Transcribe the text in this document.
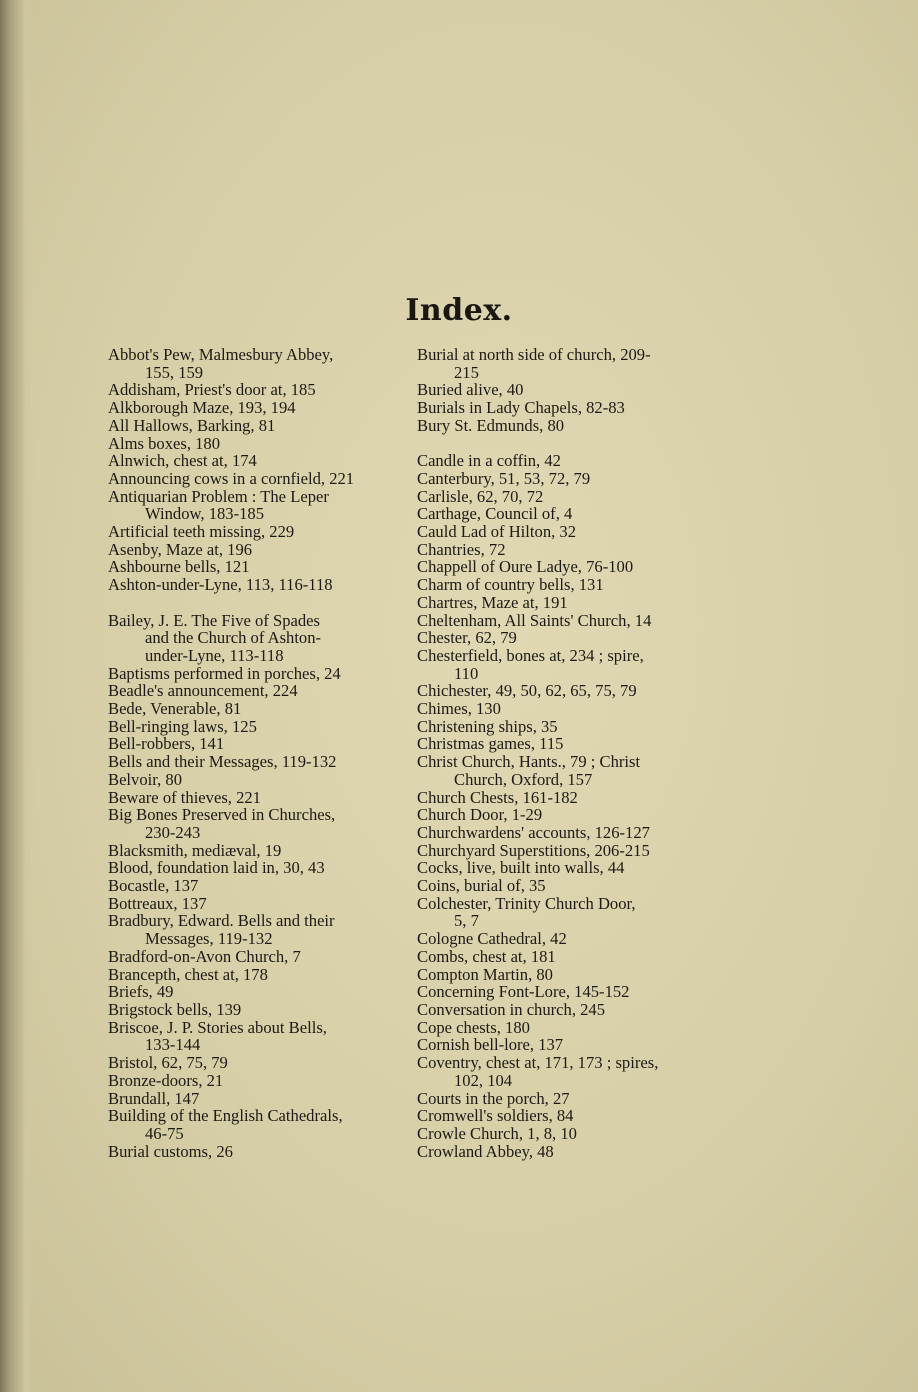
Index.
Abbot's Pew, Malmesbury Abbey,
155, 159
Addisham, Priest's door at, 185
Alkborough Maze, 193, 194
All Hallows, Barking, 81
Alms boxes, 180
Alnwich, chest at, 174
Announcing cows in a cornfield, 221
Antiquarian Problem : The Leper
Window, 183-185
Artificial teeth missing, 229
Asenby, Maze at, 196
Ashbourne bells, 121
Ashton-under-Lyne, 113, 116-118
Bailey, J. E. The Five of Spades
and the Church of Ashton-
under-Lyne, 113-118
Baptisms performed in porches, 24
Beadle's announcement, 224
Bede, Venerable, 81
Bell-ringing laws, 125
Bell-robbers, 141
Bells and their Messages, 119-132
Belvoir, 80
Beware of thieves, 221
Big Bones Preserved in Churches,
230-243
Blacksmith, mediæval, 19
Blood, foundation laid in, 30, 43
Bocastle, 137
Bottreaux, 137
Bradbury, Edward. Bells and their
Messages, 119-132
Bradford-on-Avon Church, 7
Brancepth, chest at, 178
Briefs, 49
Brigstock bells, 139
Briscoe, J. P. Stories about Bells,
133-144
Bristol, 62, 75, 79
Bronze-doors, 21
Brundall, 147
Building of the English Cathedrals,
46-75
Burial customs, 26
Burial at north side of church, 209-
215
Buried alive, 40
Burials in Lady Chapels, 82-83
Bury St. Edmunds, 80
Candle in a coffin, 42
Canterbury, 51, 53, 72, 79
Carlisle, 62, 70, 72
Carthage, Council of, 4
Cauld Lad of Hilton, 32
Chantries, 72
Chappell of Oure Ladye, 76-100
Charm of country bells, 131
Chartres, Maze at, 191
Cheltenham, All Saints' Church, 14
Chester, 62, 79
Chesterfield, bones at, 234 ; spire,
110
Chichester, 49, 50, 62, 65, 75, 79
Chimes, 130
Christening ships, 35
Christmas games, 115
Christ Church, Hants., 79 ; Christ
Church, Oxford, 157
Church Chests, 161-182
Church Door, 1-29
Churchwardens' accounts, 126-127
Churchyard Superstitions, 206-215
Cocks, live, built into walls, 44
Coins, burial of, 35
Colchester, Trinity Church Door,
5, 7
Cologne Cathedral, 42
Combs, chest at, 181
Compton Martin, 80
Concerning Font-Lore, 145-152
Conversation in church, 245
Cope chests, 180
Cornish bell-lore, 137
Coventry, chest at, 171, 173 ; spires,
102, 104
Courts in the porch, 27
Cromwell's soldiers, 84
Crowle Church, 1, 8, 10
Crowland Abbey, 48
